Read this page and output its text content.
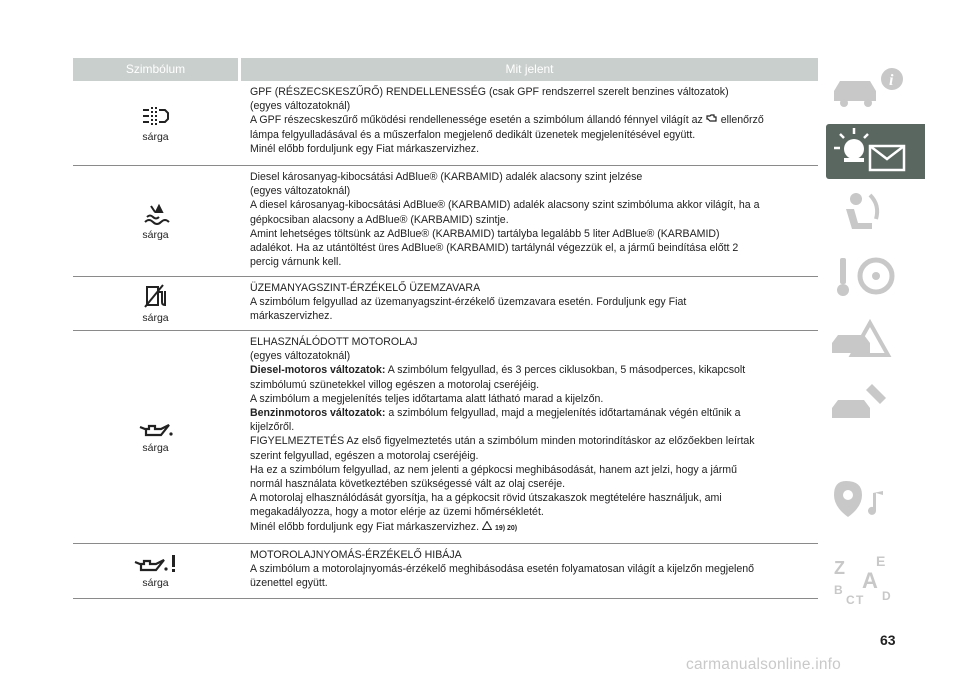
Szimbólum	Mit jelent
sárga

GPF (RÉSZECSKESZŰRŐ) RENDELLENESSÉG (csak GPF rendszerrel szerelt benzines változatok)

(egyes változatoknál)

A GPF részecskeszűrő működési rendellenessége esetén a szimbólum állandó fénnyel világít az ellenőrző

lámpa felgyulladásával és a műszerfalon megjelenő dedikált üzenetek megjelenítésével együtt.

Minél előbb forduljunk egy Fiat márkaszervizhez.

sárga

Diesel károsanyag-kibocsátási AdBlue® (KARBAMID) adalék alacsony szint jelzése

(egyes változatoknál)

A diesel károsanyag-kibocsátási AdBlue® (KARBAMID) adalék alacsony szint szimbóluma akkor világít, ha a

gépkocsiban alacsony a AdBlue® (KARBAMID) szintje.

Amint lehetséges töltsünk az AdBlue® (KARBAMID) tartályba legalább 5 liter AdBlue® (KARBAMID)

adalékot. Ha az utántöltést üres AdBlue® (KARBAMID) tartálynál végezzük el, a jármű beindítása előtt 2

percig várnunk kell.

sárga

ÜZEMANYAGSZINT-ÉRZÉKELŐ ÜZEMZAVARA

A szimbólum felgyullad az üzemanyagszint-érzékelő üzemzavara esetén. Forduljunk egy Fiat

márkaszervizhez.

sárga

ELHASZNÁLÓDOTT MOTOROLAJ

(egyes változatoknál)

Diesel-motoros változatok: A szimbólum felgyullad, és 3 perces ciklusokban, 5 másodperces, kikapcsolt

szimbólumú szünetekkel villog egészen a motorolaj cseréjéig.

A szimbólum a megjelenítés teljes időtartama alatt látható marad a kijelzőn.

Benzinmotoros változatok: a szimbólum felgyullad, majd a megjelenítés időtartamának végén eltűnik a

kijelzőről.

FIGYELMEZTETÉS Az első figyelmeztetés után a szimbólum minden motorindításkor az előzőekben leírtak

szerint felgyullad, egészen a motorolaj cseréjéig.

Ha ez a szimbólum felgyullad, az nem jelenti a gépkocsi meghibásodását, hanem azt jelzi, hogy a jármű

normál használata következtében szükségessé vált az olaj cseréje.

A motorolaj elhasználódását gyorsítja, ha a gépkocsit rövid útszakaszok megtételére használjuk, ami

megakadályozza, hogy a motor elérje az üzemi hőmérsékletét.

Minél előbb forduljunk egy Fiat márkaszervizhez. 19) 20)

sárga

MOTOROLAJNYOMÁS-ÉRZÉKELŐ HIBÁJA

A szimbólum a motorolajnyomás-érzékelő meghibásodása esetén folyamatosan világít a kijelzőn megjelenő

üzenettel együtt.

i
Z E
B A
C T D
63
carmanualsonline.info
